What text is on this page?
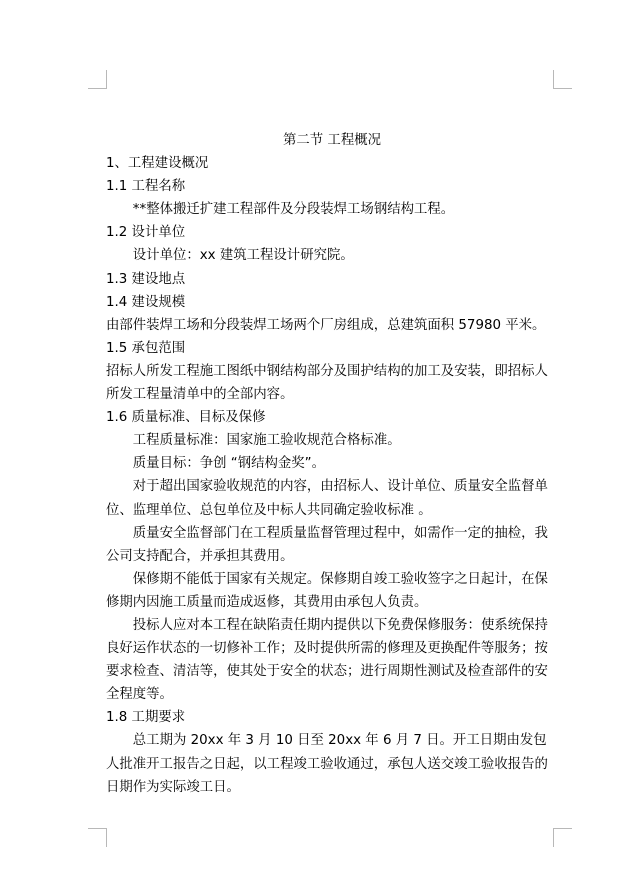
第二节 工程概况

1、工程建设概况

1.1 工程名称

**整体搬迁扩建工程部件及分段装焊工场钢结构工程。

1.2 设计单位

设计单位：xx 建筑工程设计研究院。

1.3 建设地点

1.4 建设规模

由部件装焊工场和分段装焊工场两个厂房组成，总建筑面积 57980 平米。

1.5 承包范围

招标人所发工程施工图纸中钢结构部分及围护结构的加工及安装，即招标人所发工程量清单中的全部内容。

1.6 质量标准、目标及保修

工程质量标准：国家施工验收规范合格标准。

质量目标：争创 “钢结构金奖”。

对于超出国家验收规范的内容，由招标人、设计单位、质量安全监督单位、监理单位、总包单位及中标人共同确定验收标准 。

质量安全监督部门在工程质量监督管理过程中，如需作一定的抽检，我公司支持配合，并承担其费用。

保修期不能低于国家有关规定。保修期自竣工验收签字之日起计，在保修期内因施工质量而造成返修，其费用由承包人负责。

投标人应对本工程在缺陷责任期内提供以下免费保修服务：使系统保持良好运作状态的一切修补工作；及时提供所需的修理及更换配件等服务；按要求检查、清洁等，使其处于安全的状态；进行周期性测试及检查部件的安全程度等。

1.8 工期要求

总工期为 20xx 年 3 月 10 日至 20xx 年 6 月 7 日。开工日期由发包人批准开工报告之日起，以工程竣工验收通过，承包人送交竣工验收报告的日期作为实际竣工日。
